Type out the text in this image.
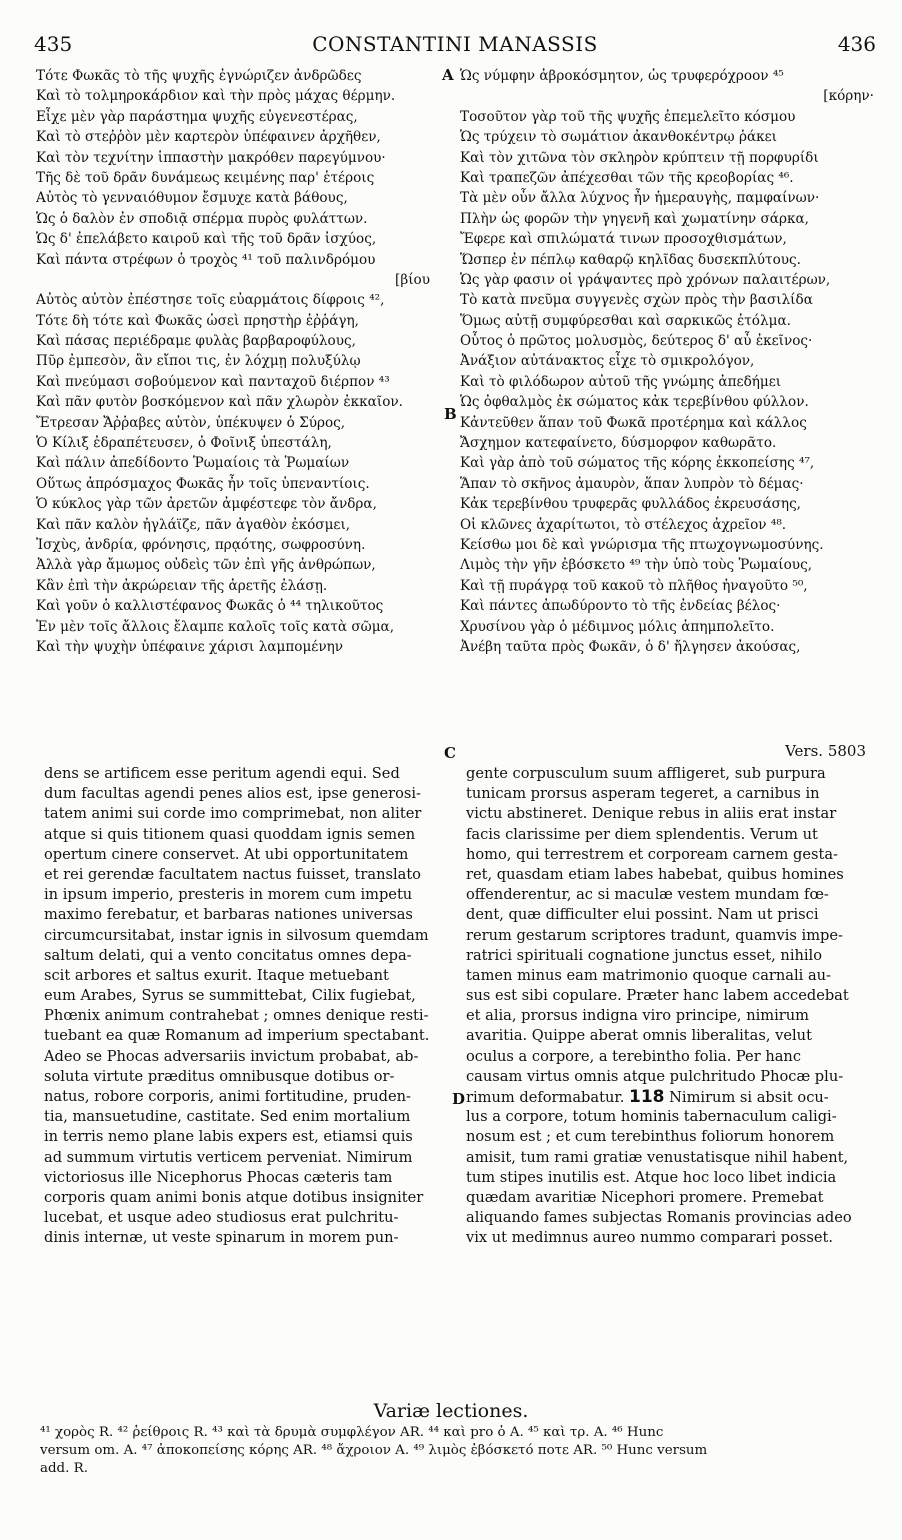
435	CONSTANTINI MANASSIS	436
Τότε Φωκᾶς τὸ τῆς ψυχῆς ἐγνώριζεν ἀνδρῶδες
Καὶ τὸ τολμηροκάρδιον καὶ τὴν πρὸς μάχας θέρμην.
Εἶχε μὲν γὰρ παράστημα ψυχῆς εὐγενεστέρας,
Καὶ τὸ στεῤῥὸν μὲν καρτερὸν ὑπέφαινεν ἀρχῆθεν,
Καὶ τὸν τεχνίτην ἱππαστὴν μακρόθεν παρεγύμνου·
Τῆς δὲ τοῦ δρᾶν δυνάμεως κειμένης παρ' ἑτέροις
Αὐτὸς τὸ γενναιόθυμον ἔσμυχε κατὰ βάθους,
Ὡς ὁ δαλὸν ἐν σποδιᾷ σπέρμα πυρὸς φυλάττων.
Ὡς δ' ἐπελάβετο καιροῦ καὶ τῆς τοῦ δρᾶν ἰσχύος,
Καὶ πάντα στρέφων ὁ τροχὸς ⁴¹ τοῦ παλινδρόμου
[βίου
Αὐτὸς αὐτὸν ἐπέστησε τοῖς εὐαρμάτοις δίφροις ⁴²,
Τότε δὴ τότε καὶ Φωκᾶς ὡσεὶ πρηστὴρ ἐῤῥάγη,
Καὶ πάσας περιέδραμε φυλὰς βαρβαροφύλους,
Πῦρ ἐμπεσὸν, ἂν εἴποι τις, ἐν λόχμῃ πολυξύλῳ
Καὶ πνεύμασι σοβούμενον καὶ πανταχοῦ διέρπον ⁴³
Καὶ πᾶν φυτὸν βοσκόμενον καὶ πᾶν χλωρὸν ἐκκαῖον.
Ἔτρεσαν Ἄῤῥαβες αὐτὸν, ὑπέκυψεν ὁ Σύρος,
Ὁ Κίλιξ ἐδραπέτευσεν, ὁ Φοῖνιξ ὑπεστάλη,
Καὶ πάλιν ἀπεδίδοντο Ῥωμαίοις τὰ Ῥωμαίων
Οὕτως ἀπρόσμαχος Φωκᾶς ἦν τοῖς ὑπεναντίοις.
Ὁ κύκλος γὰρ τῶν ἀρετῶν ἀμφέστεφε τὸν ἄνδρα,
Καὶ πᾶν καλὸν ἠγλάϊζε, πᾶν ἀγαθὸν ἐκόσμει,
Ἰσχὺς, ἀνδρία, φρόνησις, πρᾳότης, σωφροσύνη.
Ἀλλὰ γὰρ ἄμωμος οὐδεὶς τῶν ἐπὶ γῆς ἀνθρώπων,
Κἂν ἐπὶ τὴν ἀκρώρειαν τῆς ἀρετῆς ἐλάσῃ.
Καὶ γοῦν ὁ καλλιστέφανος Φωκᾶς ὁ ⁴⁴ τηλικοῦτος
Ἐν μὲν τοῖς ἄλλοις ἔλαμπε καλοῖς τοῖς κατὰ σῶμα,
Καὶ τὴν ψυχὴν ὑπέφαινε χάρισι λαμπομένην
Ὡς νύμφην ἀβροκόσμητον, ὡς τρυφερόχροον ⁴⁵
[κόρην·
Τοσοῦτον γὰρ τοῦ τῆς ψυχῆς ἐπεμελεῖτο κόσμου
Ὡς τρύχειν τὸ σωμάτιον ἀκανθοκέντρῳ ῥάκει
Καὶ τὸν χιτῶνα τὸν σκληρὸν κρύπτειν τῇ πορφυρίδι
Καὶ τραπεζῶν ἀπέχεσθαι τῶν τῆς κρεοβορίας ⁴⁶.
Τὰ μὲν οὖν ἄλλα λύχνος ἦν ἡμεραυγὴς, παμφαίνων·
Πλὴν ὡς φορῶν τὴν γηγενῆ καὶ χωματίνην σάρκα,
Ἔφερε καὶ σπιλώματά τινων προσοχθισμάτων,
Ὥσπερ ἐν πέπλῳ καθαρῷ κηλῖδας δυσεκπλύτους.
Ὡς γὰρ φασιν οἱ γράψαντες πρὸ χρόνων παλαιτέρων,
Τὸ κατὰ πνεῦμα συγγενὲς σχὼν πρὸς τὴν βασιλίδα
Ὅμως αὐτῇ συμφύρεσθαι καὶ σαρκικῶς ἐτόλμα.
Οὗτος ὁ πρῶτος μολυσμὸς, δεύτερος δ' αὖ ἐκεῖνος·
Ἀνάξιον αὐτάνακτος εἶχε τὸ σμικρολόγον,
Καὶ τὸ φιλόδωρον αὐτοῦ τῆς γνώμης ἀπεδήμει
Ὡς ὀφθαλμὸς ἐκ σώματος κἀκ τερεβίνθου φύλλον.
Κἀντεῦθεν ἅπαν τοῦ Φωκᾶ προτέρημα καὶ κάλλος
Ἄσχημον κατεφαίνετο, δύσμορφον καθωρᾶτο.
Καὶ γὰρ ἀπὸ τοῦ σώματος τῆς κόρης ἐκκοπείσης ⁴⁷,
Ἅπαν τὸ σκῆνος ἀμαυρὸν, ἅπαν λυπρὸν τὸ δέμας·
Κἀκ τερεβίνθου τρυφερᾶς φυλλάδος ἐκρευσάσης,
Οἱ κλῶνες ἀχαρίτωτοι, τὸ στέλεχος ἀχρεῖον ⁴⁸.
Κείσθω μοι δὲ καὶ γνώρισμα τῆς πτωχογνωμοσύνης.
Λιμὸς τὴν γῆν ἐβόσκετο ⁴⁹ τὴν ὑπὸ τοὺς Ῥωμαίους,
Καὶ τῇ πυράγρᾳ τοῦ κακοῦ τὸ πλῆθος ἠναγοῦτο ⁵⁰,
Καὶ πάντες ἀπωδύροντο τὸ τῆς ἐνδείας βέλος·
Χρυσίνου γὰρ ὁ μέδιμνος μόλις ἀπημπολεῖτο.
Ἀνέβη ταῦτα πρὸς Φωκᾶν, ὁ δ' ἤλγησεν ἀκούσας,
A
B
C
D
Vers. 5803
dens se artificem esse peritum agendi equi. Sed
dum facultas agendi penes alios est, ipse generosi-
tatem animi sui corde imo comprimebat, non aliter
atque si quis titionem quasi quoddam ignis semen
opertum cinere conservet. At ubi opportunitatem
et rei gerendæ facultatem nactus fuisset, translato
in ipsum imperio, presteris in morem cum impetu
maximo ferebatur, et barbaras nationes universas
circumcursitabat, instar ignis in silvosum quemdam
saltum delati, qui a vento concitatus omnes depa-
scit arbores et saltus exurit. Itaque metuebant
eum Arabes, Syrus se summittebat, Cilix fugiebat,
Phœnix animum contrahebat ; omnes denique resti-
tuebant ea quæ Romanum ad imperium spectabant.
Adeo se Phocas adversariis invictum probabat, ab-
soluta virtute præditus omnibusque dotibus or-
natus, robore corporis, animi fortitudine, pruden-
tia, mansuetudine, castitate. Sed enim mortalium
in terris nemo plane labis expers est, etiamsi quis
ad summum virtutis verticem perveniat. Nimirum
victoriosus ille Nicephorus Phocas cæteris tam
corporis quam animi bonis atque dotibus insigniter
lucebat, et usque adeo studiosus erat pulchritu-
dinis internæ, ut veste spinarum in morem pun-
gente corpusculum suum affligeret, sub purpura
tunicam prorsus asperam tegeret, a carnibus in
victu abstineret. Denique rebus in aliis erat instar
facis clarissime per diem splendentis. Verum ut
homo, qui terrestrem et corpoream carnem gesta-
ret, quasdam etiam labes habebat, quibus homines
offenderentur, ac si maculæ vestem mundam fœ-
dent, quæ difficulter elui possint. Nam ut prisci
rerum gestarum scriptores tradunt, quamvis impe-
ratrici spirituali cognatione junctus esset, nihilo
tamen minus eam matrimonio quoque carnali au-
sus est sibi copulare. Præter hanc labem accedebat
et alia, prorsus indigna viro principe, nimirum
avaritia. Quippe aberat omnis liberalitas, velut
oculus a corpore, a terebintho folia. Per hanc
causam virtus omnis atque pulchritudo Phocæ plu-
rimum deformabatur. 118 Nimirum si absit ocu-
lus a corpore, totum hominis tabernaculum caligi-
nosum est ; et cum terebinthus foliorum honorem
amisit, tum rami gratiæ venustatisque nihil habent,
tum stipes inutilis est. Atque hoc loco libet indicia
quædam avaritiæ Nicephori promere. Premebat
aliquando fames subjectas Romanis provincias adeo
vix ut medimnus aureo nummo comparari posset.
Variæ lectiones.
⁴¹ χορὸς R. ⁴² ῥείθροις R. ⁴³ καὶ τὰ δρυμὰ συμφλέγον AR. ⁴⁴ καὶ pro ὁ A. ⁴⁵ καὶ τρ. A. ⁴⁶ Hunc
versum om. A. ⁴⁷ ἀποκοπείσης κόρης AR. ⁴⁸ ἄχροιον A. ⁴⁹ λιμὸς ἐβόσκετό ποτε AR. ⁵⁰ Hunc versum
add. R.
